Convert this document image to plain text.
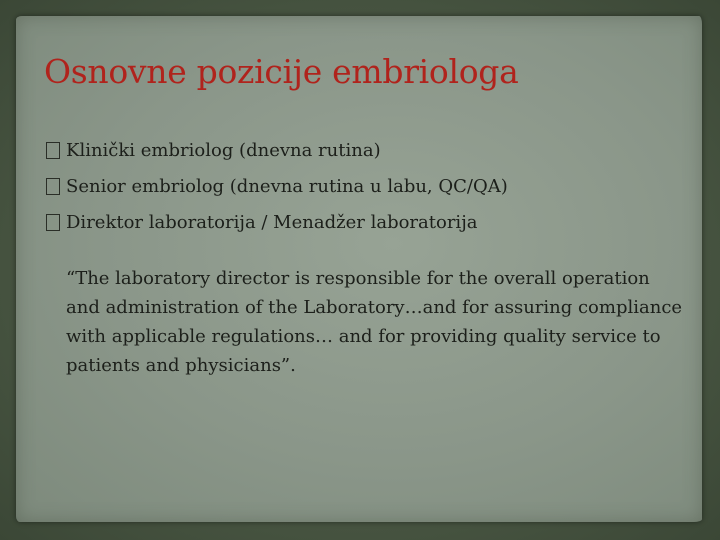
Osnovne pozicije embriologa
Klinički embriolog (dnevna rutina)
Senior embriolog (dnevna rutina u labu, QC/QA)
Direktor laboratorija / Menadžer laboratorija

“The laboratory director is responsible for the overall operation and administration of the Laboratory…and for assuring compliance with applicable regulations… and for providing quality service to patients and physicians”.
